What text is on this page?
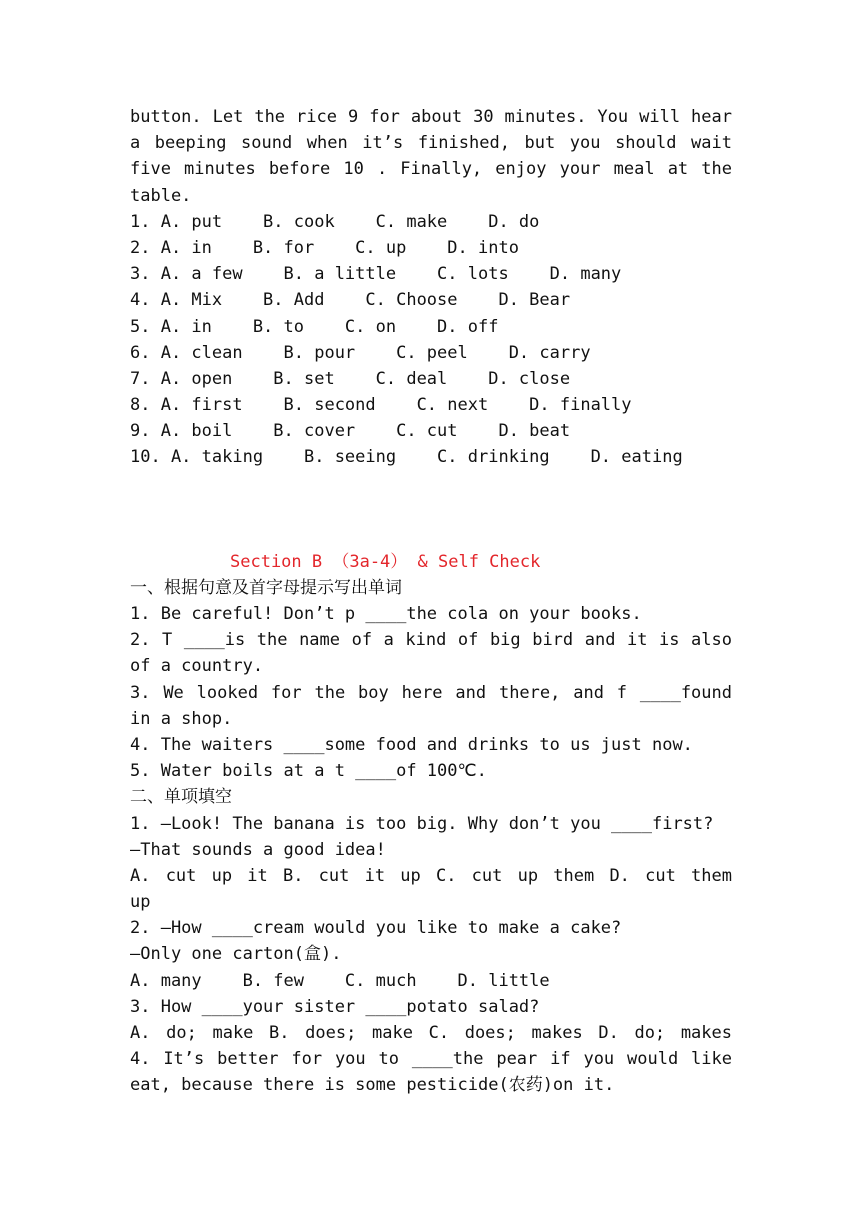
button. Let the rice 9 for about 30 minutes. You will hear
a beeping sound when it’s finished, but you should wait
five minutes before 10 . Finally, enjoy your meal at the
table.
1. A. put    B. cook    C. make    D. do
2. A. in    B. for    C. up    D. into
3. A. a few    B. a little    C. lots    D. many
4. A. Mix    B. Add    C. Choose    D. Bear
5. A. in    B. to    C. on    D. off
6. A. clean    B. pour    C. peel    D. carry
7. A. open    B. set    C. deal    D. close
8. A. first    B. second    C. next    D. finally
9. A. boil    B. cover    C. cut    D. beat
10. A. taking    B. seeing    C. drinking    D. eating
Section B （3a-4） & Self Check
一、根据句意及首字母提示写出单词
1. Be careful! Don’t p ____the cola on your books.
2. T ____is the name of a kind of big bird and it is also
of a country.
3. We looked for the boy here and there, and f ____found
in a shop.
4. The waiters ____some food and drinks to us just now.
5. Water boils at a t ____of 100℃.
二、单项填空
1. —Look! The banana is too big. Why don’t you ____first?
—That sounds a good idea!
A. cut up it B. cut it up C. cut up them D. cut them
up
2. —How ____cream would you like to make a cake?
—Only one carton(盒).
A. many    B. few    C. much    D. little
3. How ____your sister ____potato salad?
A. do; make B. does; make C. does; makes D. do; makes
4. It’s better for you to ____the pear if you would like
eat, because there is some pesticide(农药)on it.
